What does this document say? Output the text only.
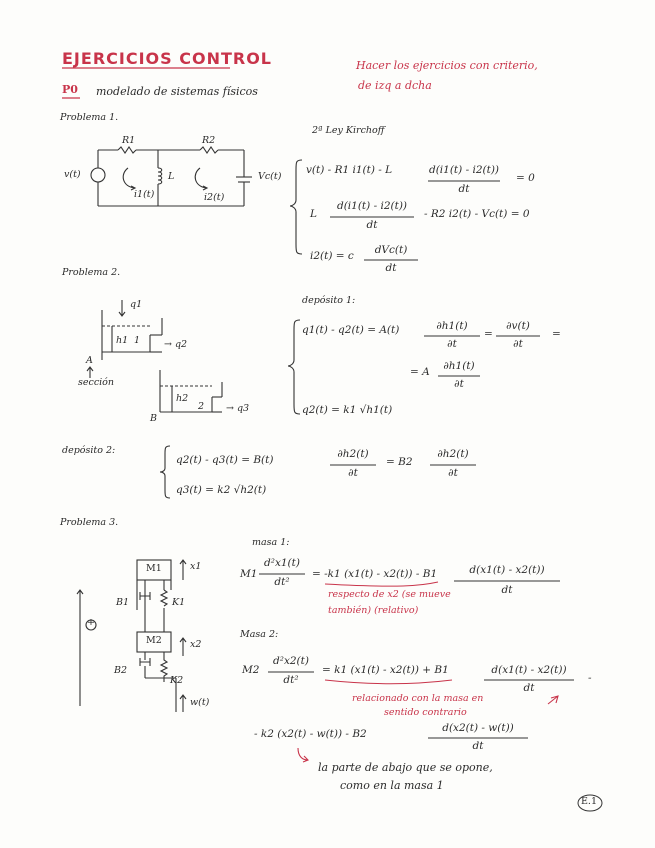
EJERCICIOS CONTROL	Hacer los ejercicios con criterio,
de izq a dcha
P0 modelado de sistemas físicos
Problema 1.
R1	R2
v(t)
i1(t)
L
i2(t)
Vc(t)
2ª Ley Kirchoff
v(t) - R1 i1(t) - L	d(i1(t) - i2(t))
dt
= 0
L
d(i1(t) - i2(t))
dt
- R2 i2(t) - Vc(t) = 0
i2(t) = c	dVc(t)
dt
Problema 2.
q1
h1 1	→ q2
A
sección
h2
2 → q3
B
depósito 1:
q1(t) - q2(t) = A(t)	∂h1(t)
∂t
=
∂v(t)
∂t
=
= A	∂h1(t)
∂t
q2(t) = k1 √h1(t)
depósito 2:
q2(t) - q3(t) = B(t)	∂h2(t)
∂t
= B2
∂h2(t)
∂t
q3(t) = k2 √h2(t)
Problema 3.
M1	x1
B1	K1
M2	x2
B2
K2
w(t)
+
masa 1:
M1
d²x1(t)
dt²
= -k1 (x1(t) - x2(t)) - B1	d(x1(t) - x2(t))
dt
respecto de x2 (se mueve
también) (relativo)
Masa 2:
M2
d²x2(t)
dt²
= k1 (x1(t) - x2(t)) + B1	d(x1(t) - x2(t))
dt
-
relacionado con la masa en
sentido contrario
- k2 (x2(t) - w(t)) - B2	d(x2(t) - w(t))
dt
la parte de abajo que se opone,
como en la masa 1
E.1
